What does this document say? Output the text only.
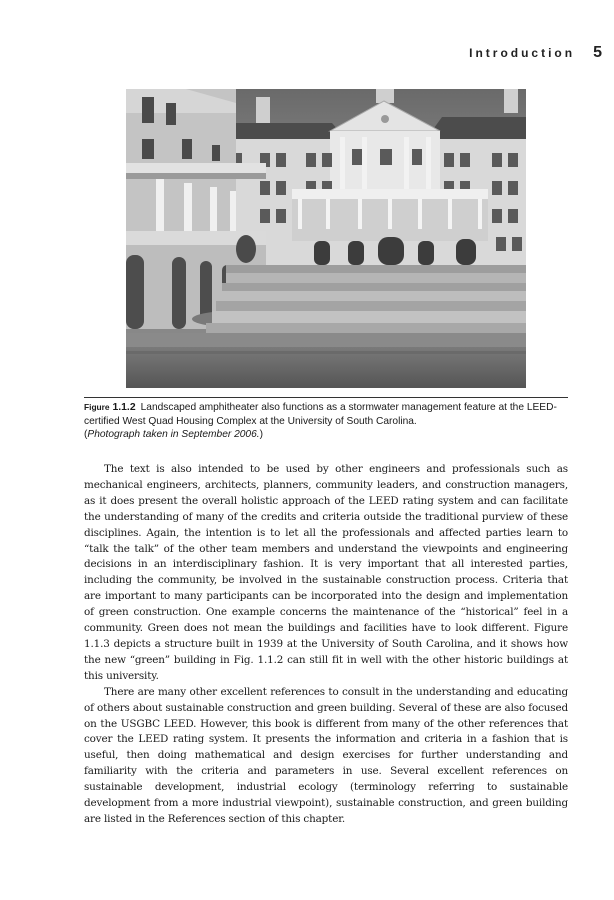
Introduction 5
Figure 1.1.2 Landscaped amphitheater also functions as a stormwater management feature at the LEED-certified West Quad Housing Complex at the University of South Carolina.
(Photograph taken in September 2006.)

The text is also intended to be used by other engineers and professionals such as mechanical engineers, architects, planners, community leaders, and construction managers, as it does present the overall holistic approach of the LEED rating system and can facilitate the understanding of many of the credits and criteria outside the traditional purview of these disciplines. Again, the intention is to let all the professionals and affected parties learn to “talk the talk” of the other team members and understand the viewpoints and engineering decisions in an interdisciplinary fashion. It is very important that all interested parties, including the community, be involved in the sustainable construction process. Criteria that are important to many participants can be incorporated into the design and implementation of green construction. One example concerns the maintenance of the “historical” feel in a community. Green does not mean the buildings and facilities have to look different. Figure 1.1.3 depicts a structure built in 1939 at the University of South Carolina, and it shows how the new “green” building in Fig. 1.1.2 can still fit in well with the other historic buildings at this university.

There are many other excellent references to consult in the understanding and educating of others about sustainable construction and green building. Several of these are also focused on the USGBC LEED. However, this book is different from many of the other references that cover the LEED rating system. It presents the information and criteria in a fashion that is useful, then doing mathematical and design exercises for further understanding and familiarity with the criteria and parameters in use. Several excellent references on sustainable development, industrial ecology (terminology referring to sustainable development from a more industrial viewpoint), sustainable construction, and green building are listed in the References section of this chapter.
